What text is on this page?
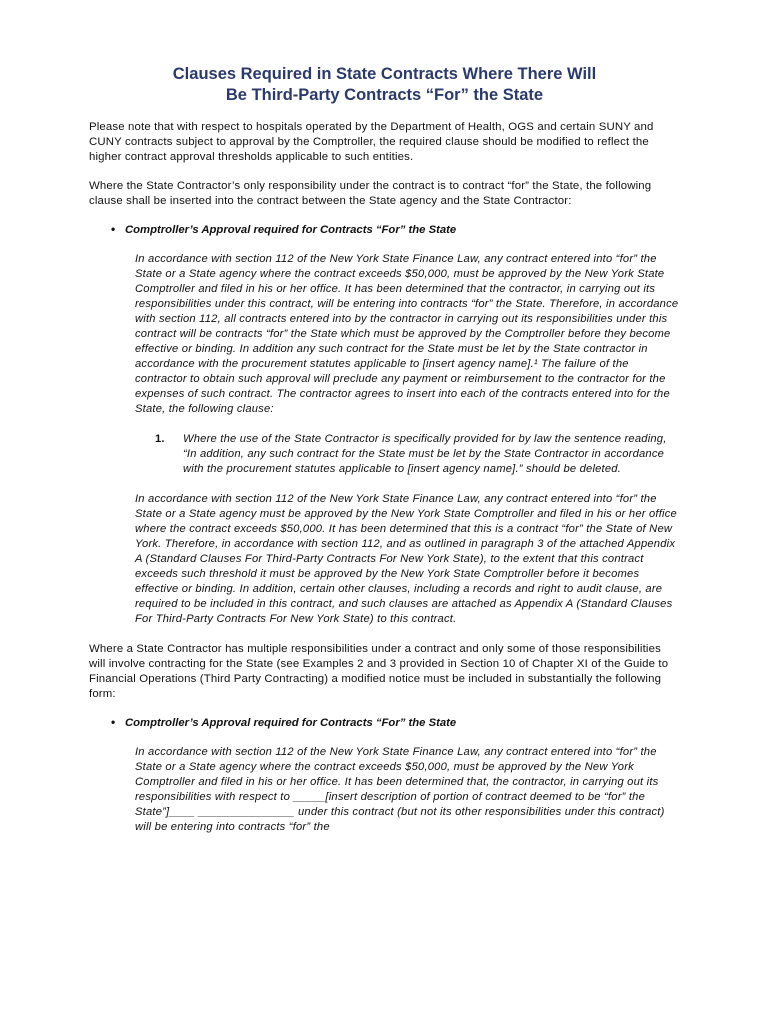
Clauses Required in State Contracts Where There Will
Be Third-Party Contracts “For” the State

Please note that with respect to hospitals operated by the Department of Health, OGS and certain SUNY and CUNY contracts subject to approval by the Comptroller, the required clause should be modified to reflect the higher contract approval thresholds applicable to such entities.

Where the State Contractor’s only responsibility under the contract is to contract “for” the State, the following clause shall be inserted into the contract between the State agency and the State Contractor:

• Comptroller’s Approval required for Contracts “For” the State

In accordance with section 112 of the New York State Finance Law, any contract entered into “for” the State or a State agency where the contract exceeds $50,000, must be approved by the New York State Comptroller and filed in his or her office. It has been determined that the contractor, in carrying out its responsibilities under this contract, will be entering into contracts “for” the State. Therefore, in accordance with section 112, all contracts entered into by the contractor in carrying out its responsibilities under this contract will be contracts “for” the State which must be approved by the Comptroller before they become effective or binding. In addition any such contract for the State must be let by the State contractor in accordance with the procurement statutes applicable to [insert agency name].¹ The failure of the contractor to obtain such approval will preclude any payment or reimbursement to the contractor for the expenses of such contract. The contractor agrees to insert into each of the contracts entered into for the State, the following clause:

1. Where the use of the State Contractor is specifically provided for by law the sentence reading, “In addition, any such contract for the State must be let by the State Contractor in accordance with the procurement statutes applicable to [insert agency name].” should be deleted.

In accordance with section 112 of the New York State Finance Law, any contract entered into “for” the State or a State agency must be approved by the New York State Comptroller and filed in his or her office where the contract exceeds $50,000. It has been determined that this is a contract “for” the State of New York. Therefore, in accordance with section 112, and as outlined in paragraph 3 of the attached Appendix A (Standard Clauses For Third-Party Contracts For New York State), to the extent that this contract exceeds such threshold it must be approved by the New York State Comptroller before it becomes effective or binding. In addition, certain other clauses, including a records and right to audit clause, are required to be included in this contract, and such clauses are attached as Appendix A (Standard Clauses For Third-Party Contracts For New York State) to this contract.

Where a State Contractor has multiple responsibilities under a contract and only some of those responsibilities will involve contracting for the State (see Examples 2 and 3 provided in Section 10 of Chapter XI of the Guide to Financial Operations (Third Party Contracting) a modified notice must be included in substantially the following form:

• Comptroller’s Approval required for Contracts “For” the State

In accordance with section 112 of the New York State Finance Law, any contract entered into “for” the State or a State agency where the contract exceeds $50,000, must be approved by the New York Comptroller and filed in his or her office. It has been determined that, the contractor, in carrying out its responsibilities with respect to _____[insert description of portion of contract deemed to be “for” the State”]____ _______________ under this contract (but not its other responsibilities under this contract) will be entering into contracts “for” the
